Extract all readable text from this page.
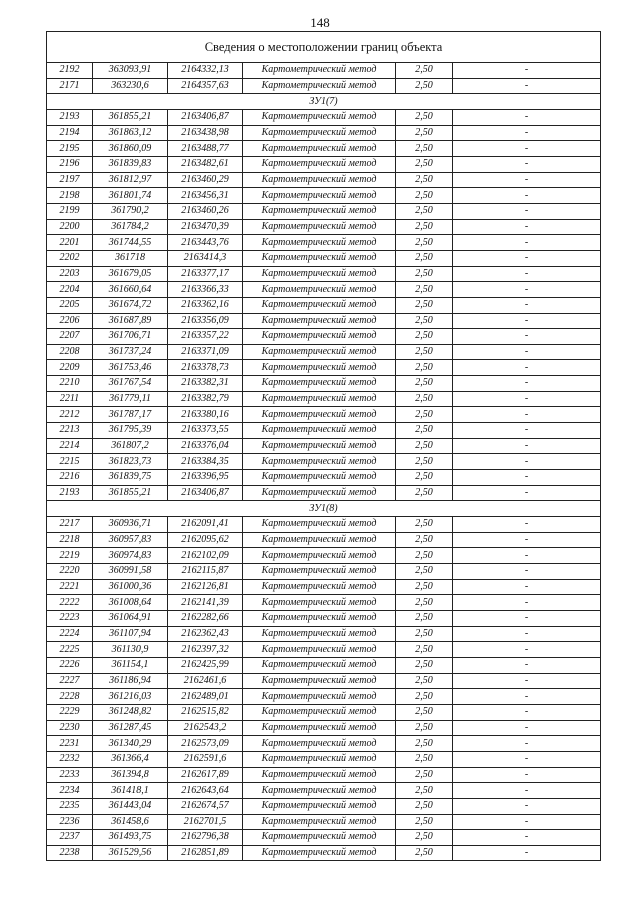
148
Сведения о местоположении границ объекта					
2192	363093,91	2164332,13	Картометрический метод	2,50	-
2171	363230,6	2164357,63	Картометрический метод	2,50	-
ЗУ1(7)					
2193	361855,21	2163406,87	Картометрический метод	2,50	-
2194	361863,12	2163438,98	Картометрический метод	2,50	-
2195	361860,09	2163488,77	Картометрический метод	2,50	-
2196	361839,83	2163482,61	Картометрический метод	2,50	-
2197	361812,97	2163460,29	Картометрический метод	2,50	-
2198	361801,74	2163456,31	Картометрический метод	2,50	-
2199	361790,2	2163460,26	Картометрический метод	2,50	-
2200	361784,2	2163470,39	Картометрический метод	2,50	-
2201	361744,55	2163443,76	Картометрический метод	2,50	-
2202	361718	2163414,3	Картометрический метод	2,50	-
2203	361679,05	2163377,17	Картометрический метод	2,50	-
2204	361660,64	2163366,33	Картометрический метод	2,50	-
2205	361674,72	2163362,16	Картометрический метод	2,50	-
2206	361687,89	2163356,09	Картометрический метод	2,50	-
2207	361706,71	2163357,22	Картометрический метод	2,50	-
2208	361737,24	2163371,09	Картометрический метод	2,50	-
2209	361753,46	2163378,73	Картометрический метод	2,50	-
2210	361767,54	2163382,31	Картометрический метод	2,50	-
2211	361779,11	2163382,79	Картометрический метод	2,50	-
2212	361787,17	2163380,16	Картометрический метод	2,50	-
2213	361795,39	2163373,55	Картометрический метод	2,50	-
2214	361807,2	2163376,04	Картометрический метод	2,50	-
2215	361823,73	2163384,35	Картометрический метод	2,50	-
2216	361839,75	2163396,95	Картометрический метод	2,50	-
2193	361855,21	2163406,87	Картометрический метод	2,50	-
ЗУ1(8)					
2217	360936,71	2162091,41	Картометрический метод	2,50	-
2218	360957,83	2162095,62	Картометрический метод	2,50	-
2219	360974,83	2162102,09	Картометрический метод	2,50	-
2220	360991,58	2162115,87	Картометрический метод	2,50	-
2221	361000,36	2162126,81	Картометрический метод	2,50	-
2222	361008,64	2162141,39	Картометрический метод	2,50	-
2223	361064,91	2162282,66	Картометрический метод	2,50	-
2224	361107,94	2162362,43	Картометрический метод	2,50	-
2225	361130,9	2162397,32	Картометрический метод	2,50	-
2226	361154,1	2162425,99	Картометрический метод	2,50	-
2227	361186,94	2162461,6	Картометрический метод	2,50	-
2228	361216,03	2162489,01	Картометрический метод	2,50	-
2229	361248,82	2162515,82	Картометрический метод	2,50	-
2230	361287,45	2162543,2	Картометрический метод	2,50	-
2231	361340,29	2162573,09	Картометрический метод	2,50	-
2232	361366,4	2162591,6	Картометрический метод	2,50	-
2233	361394,8	2162617,89	Картометрический метод	2,50	-
2234	361418,1	2162643,64	Картометрический метод	2,50	-
2235	361443,04	2162674,57	Картометрический метод	2,50	-
2236	361458,6	2162701,5	Картометрический метод	2,50	-
2237	361493,75	2162796,38	Картометрический метод	2,50	-
2238	361529,56	2162851,89	Картометрический метод	2,50	-
